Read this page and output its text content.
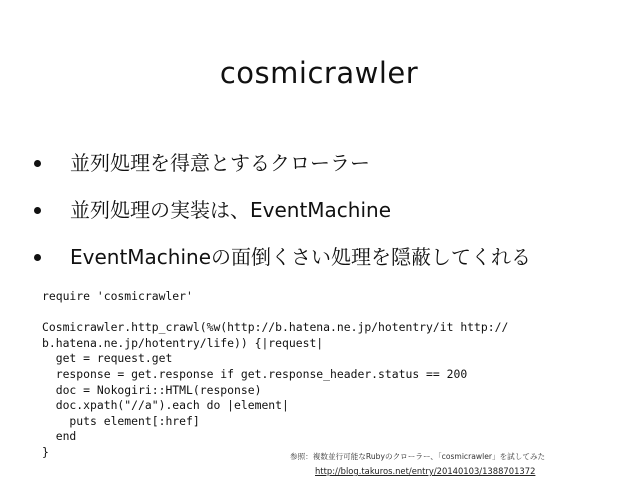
cosmicrawler
並列処理を得意とするクローラー
並列処理の実装は、EventMachine
EventMachineの面倒くさい処理を隠蔽してくれる
require 'cosmicrawler'

Cosmicrawler.http_crawl(%w(http://b.hatena.ne.jp/hotentry/it http://
b.hatena.ne.jp/hotentry/life)) {|request|
get = request.get
response = get.response if get.response_header.status == 200
doc = Nokogiri::HTML(response)
doc.xpath("//a").each do |element|
puts element[:href]
end
}	参照：複数並行可能なRubyのクローラー、「cosmicrawler」を試してみた
http://blog.takuros.net/entry/20140103/1388701372
